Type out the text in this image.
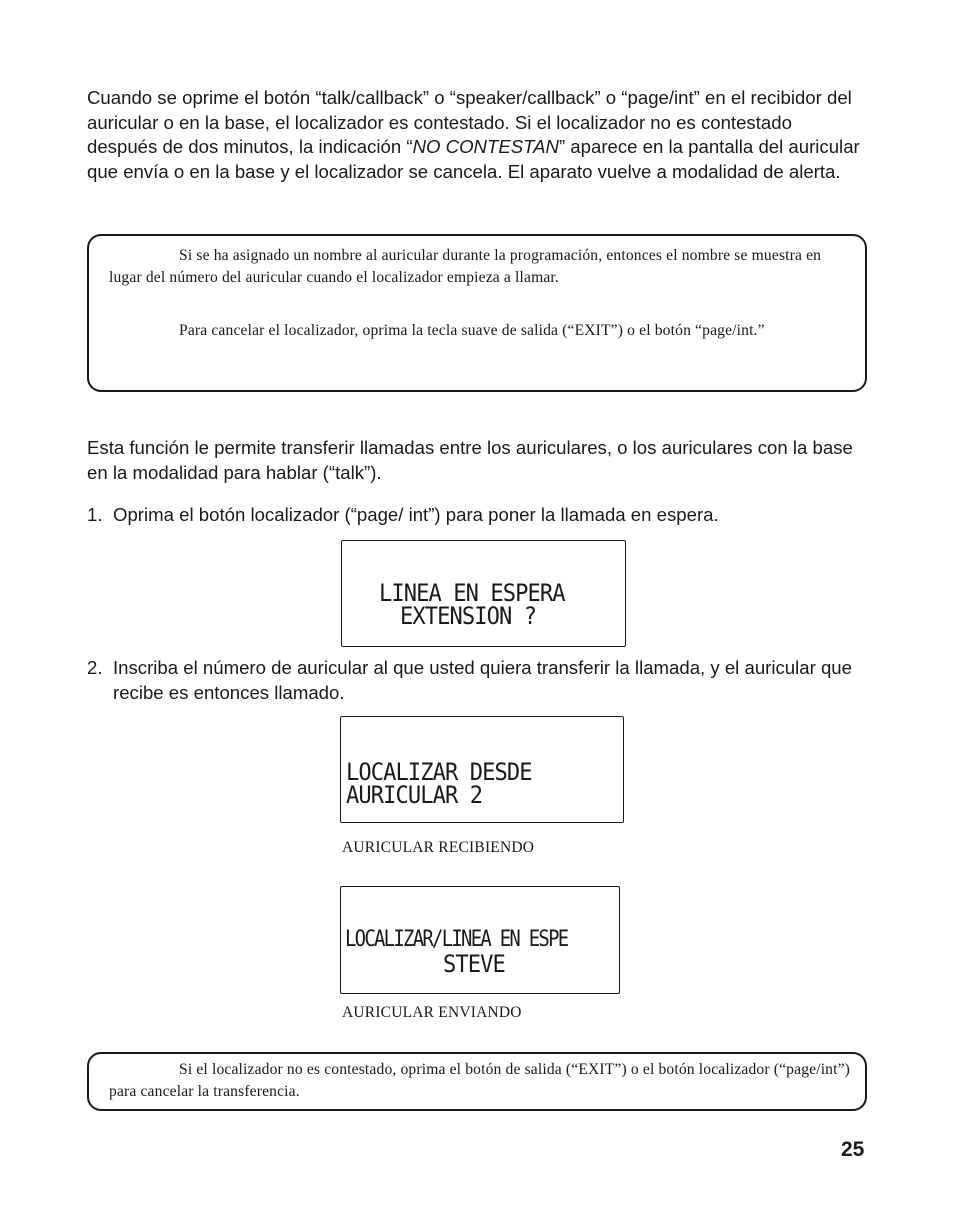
Cuando se oprime el botón “talk/callback” o “speaker/callback” o “page/int” en el recibidor del auricular o en la base, el localizador es contestado. Si el localizador no es contestado después de dos minutos, la indicación “NO CONTESTAN” aparece en la pantalla del auricular que envía o en la base y el localizador se cancela. El aparato vuelve a modalidad de alerta.

Si se ha asignado un nombre al auricular durante la programación, entonces el nombre se muestra en lugar del número del auricular cuando el localizador empieza a llamar.

Para cancelar el localizador, oprima la tecla suave de salida (“EXIT”) o el botón “page/int.”

Esta función le permite transferir llamadas entre los auriculares, o los auriculares con la base en la modalidad para hablar (“talk”).

1. Oprima el botón localizador (“page/ int”) para poner la llamada en espera.
LINEA EN ESPERA
EXTENSION ?
2. Inscriba el número de auricular al que usted quiera transferir la llamada, y el auricular que recibe es entonces llamado.
LOCALIZAR DESDE
AURICULAR 2
AURICULAR RECIBIENDO
LOCALIZAR/LINEA EN ESPE
STEVE
AURICULAR ENVIANDO

Si el localizador no es contestado, oprima el botón de salida (“EXIT”) o el botón localizador (“page/int”) para cancelar la transferencia.

25
